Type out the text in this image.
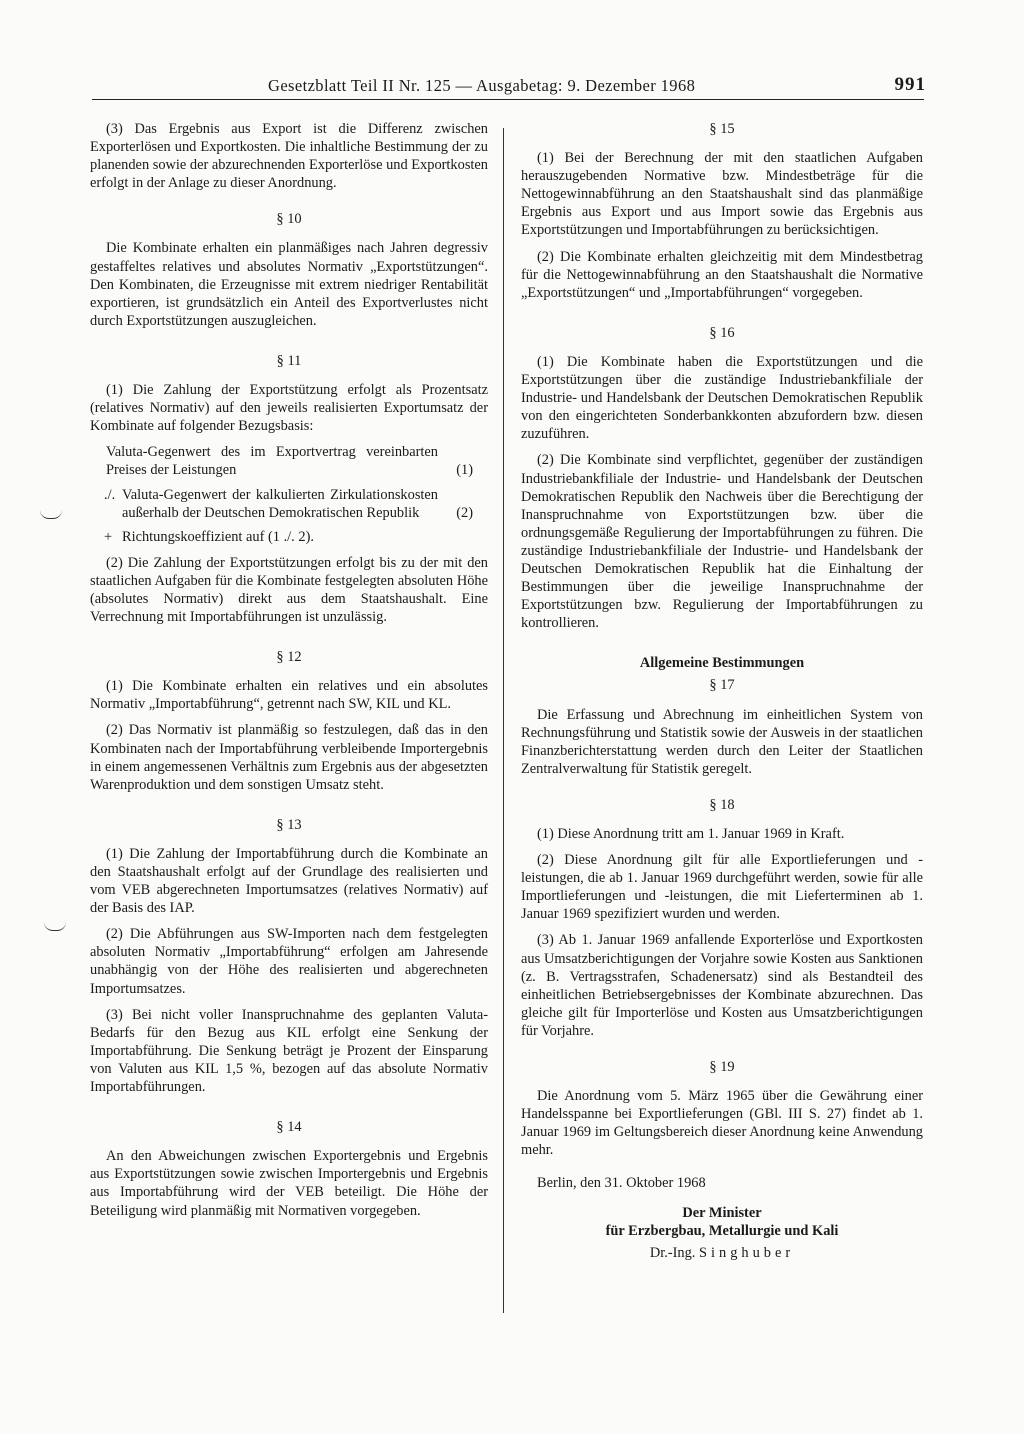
Gesetzblatt Teil II Nr. 125 — Ausgabetag: 9. Dezember 1968	991

(3) Das Ergebnis aus Export ist die Differenz zwischen Exporterlösen und Exportkosten. Die inhaltliche Bestimmung der zu planenden sowie der abzurechnenden Exporterlöse und Exportkosten erfolgt in der Anlage zu dieser Anordnung.

§ 10

Die Kombinate erhalten ein planmäßiges nach Jahren degressiv gestaffeltes relatives und absolutes Normativ „Exportstützungen“. Den Kombinaten, die Erzeugnisse mit extrem niedriger Rentabilität exportieren, ist grundsätzlich ein Anteil des Exportverlustes nicht durch Exportstützungen auszugleichen.

§ 11

(1) Die Zahlung der Exportstützung erfolgt als Prozentsatz (relatives Normativ) auf den jeweils realisierten Exportumsatz der Kombinate auf folgender Bezugsbasis:

Valuta-Gegenwert des im Exportvertrag vereinbarten Preises der Leistungen	(1)
./. Valuta-Gegenwert der kalkulierten Zirkulationskosten außerhalb der Deutschen Demokratischen Republik	(2)
+ Richtungskoeffizient auf (1 ./. 2).

(2) Die Zahlung der Exportstützungen erfolgt bis zu der mit den staatlichen Aufgaben für die Kombinate festgelegten absoluten Höhe (absolutes Normativ) direkt aus dem Staatshaushalt. Eine Verrechnung mit Importabführungen ist unzulässig.

§ 12

(1) Die Kombinate erhalten ein relatives und ein absolutes Normativ „Importabführung“, getrennt nach SW, KIL und KL.

(2) Das Normativ ist planmäßig so festzulegen, daß das in den Kombinaten nach der Importabführung verbleibende Importergebnis in einem angemessenen Verhältnis zum Ergebnis aus der abgesetzten Warenproduktion und dem sonstigen Umsatz steht.

§ 13

(1) Die Zahlung der Importabführung durch die Kombinate an den Staatshaushalt erfolgt auf der Grundlage des realisierten und vom VEB abgerechneten Importumsatzes (relatives Normativ) auf der Basis des IAP.

(2) Die Abführungen aus SW-Importen nach dem festgelegten absoluten Normativ „Importabführung“ erfolgen am Jahresende unabhängig von der Höhe des realisierten und abgerechneten Importumsatzes.

(3) Bei nicht voller Inanspruchnahme des geplanten Valuta-Bedarfs für den Bezug aus KIL erfolgt eine Senkung der Importabführung. Die Senkung beträgt je Prozent der Einsparung von Valuten aus KIL 1,5 %, bezogen auf das absolute Normativ Importabführungen.

§ 14

An den Abweichungen zwischen Exportergebnis und Ergebnis aus Exportstützungen sowie zwischen Importergebnis und Ergebnis aus Importabführung wird der VEB beteiligt. Die Höhe der Beteiligung wird planmäßig mit Normativen vorgegeben.

§ 15

(1) Bei der Berechnung der mit den staatlichen Aufgaben herauszugebenden Normative bzw. Mindestbeträge für die Nettogewinnabführung an den Staatshaushalt sind das planmäßige Ergebnis aus Export und aus Import sowie das Ergebnis aus Exportstützungen und Importabführungen zu berücksichtigen.

(2) Die Kombinate erhalten gleichzeitig mit dem Mindestbetrag für die Nettogewinnabführung an den Staatshaushalt die Normative „Exportstützungen“ und „Importabführungen“ vorgegeben.

§ 16

(1) Die Kombinate haben die Exportstützungen und die Exportstützungen über die zuständige Industriebankfiliale der Industrie- und Handelsbank der Deutschen Demokratischen Republik von den eingerichteten Sonderbankkonten abzufordern bzw. diesen zuzuführen.

(2) Die Kombinate sind verpflichtet, gegenüber der zuständigen Industriebankfiliale der Industrie- und Handelsbank der Deutschen Demokratischen Republik den Nachweis über die Berechtigung der Inanspruchnahme von Exportstützungen bzw. über die ordnungsgemäße Regulierung der Importabführungen zu führen. Die zuständige Industriebankfiliale der Industrie- und Handelsbank der Deutschen Demokratischen Republik hat die Einhaltung der Bestimmungen über die jeweilige Inanspruchnahme der Exportstützungen bzw. Regulierung der Importabführungen zu kontrollieren.

Allgemeine Bestimmungen

§ 17

Die Erfassung und Abrechnung im einheitlichen System von Rechnungsführung und Statistik sowie der Ausweis in der staatlichen Finanzberichterstattung werden durch den Leiter der Staatlichen Zentralverwaltung für Statistik geregelt.

§ 18

(1) Diese Anordnung tritt am 1. Januar 1969 in Kraft.

(2) Diese Anordnung gilt für alle Exportlieferungen und -leistungen, die ab 1. Januar 1969 durchgeführt werden, sowie für alle Importlieferungen und -leistungen, die mit Lieferterminen ab 1. Januar 1969 spezifiziert wurden und werden.

(3) Ab 1. Januar 1969 anfallende Exporterlöse und Exportkosten aus Umsatzberichtigungen der Vorjahre sowie Kosten aus Sanktionen (z. B. Vertragsstrafen, Schadenersatz) sind als Bestandteil des einheitlichen Betriebsergebnisses der Kombinate abzurechnen. Das gleiche gilt für Importerlöse und Kosten aus Umsatzberichtigungen für Vorjahre.

§ 19

Die Anordnung vom 5. März 1965 über die Gewährung einer Handelsspanne bei Exportlieferungen (GBl. III S. 27) findet ab 1. Januar 1969 im Geltungsbereich dieser Anordnung keine Anwendung mehr.

Berlin, den 31. Oktober 1968

Der Minister
für Erzbergbau, Metallurgie und Kali
Dr.-Ing. Singhuber
